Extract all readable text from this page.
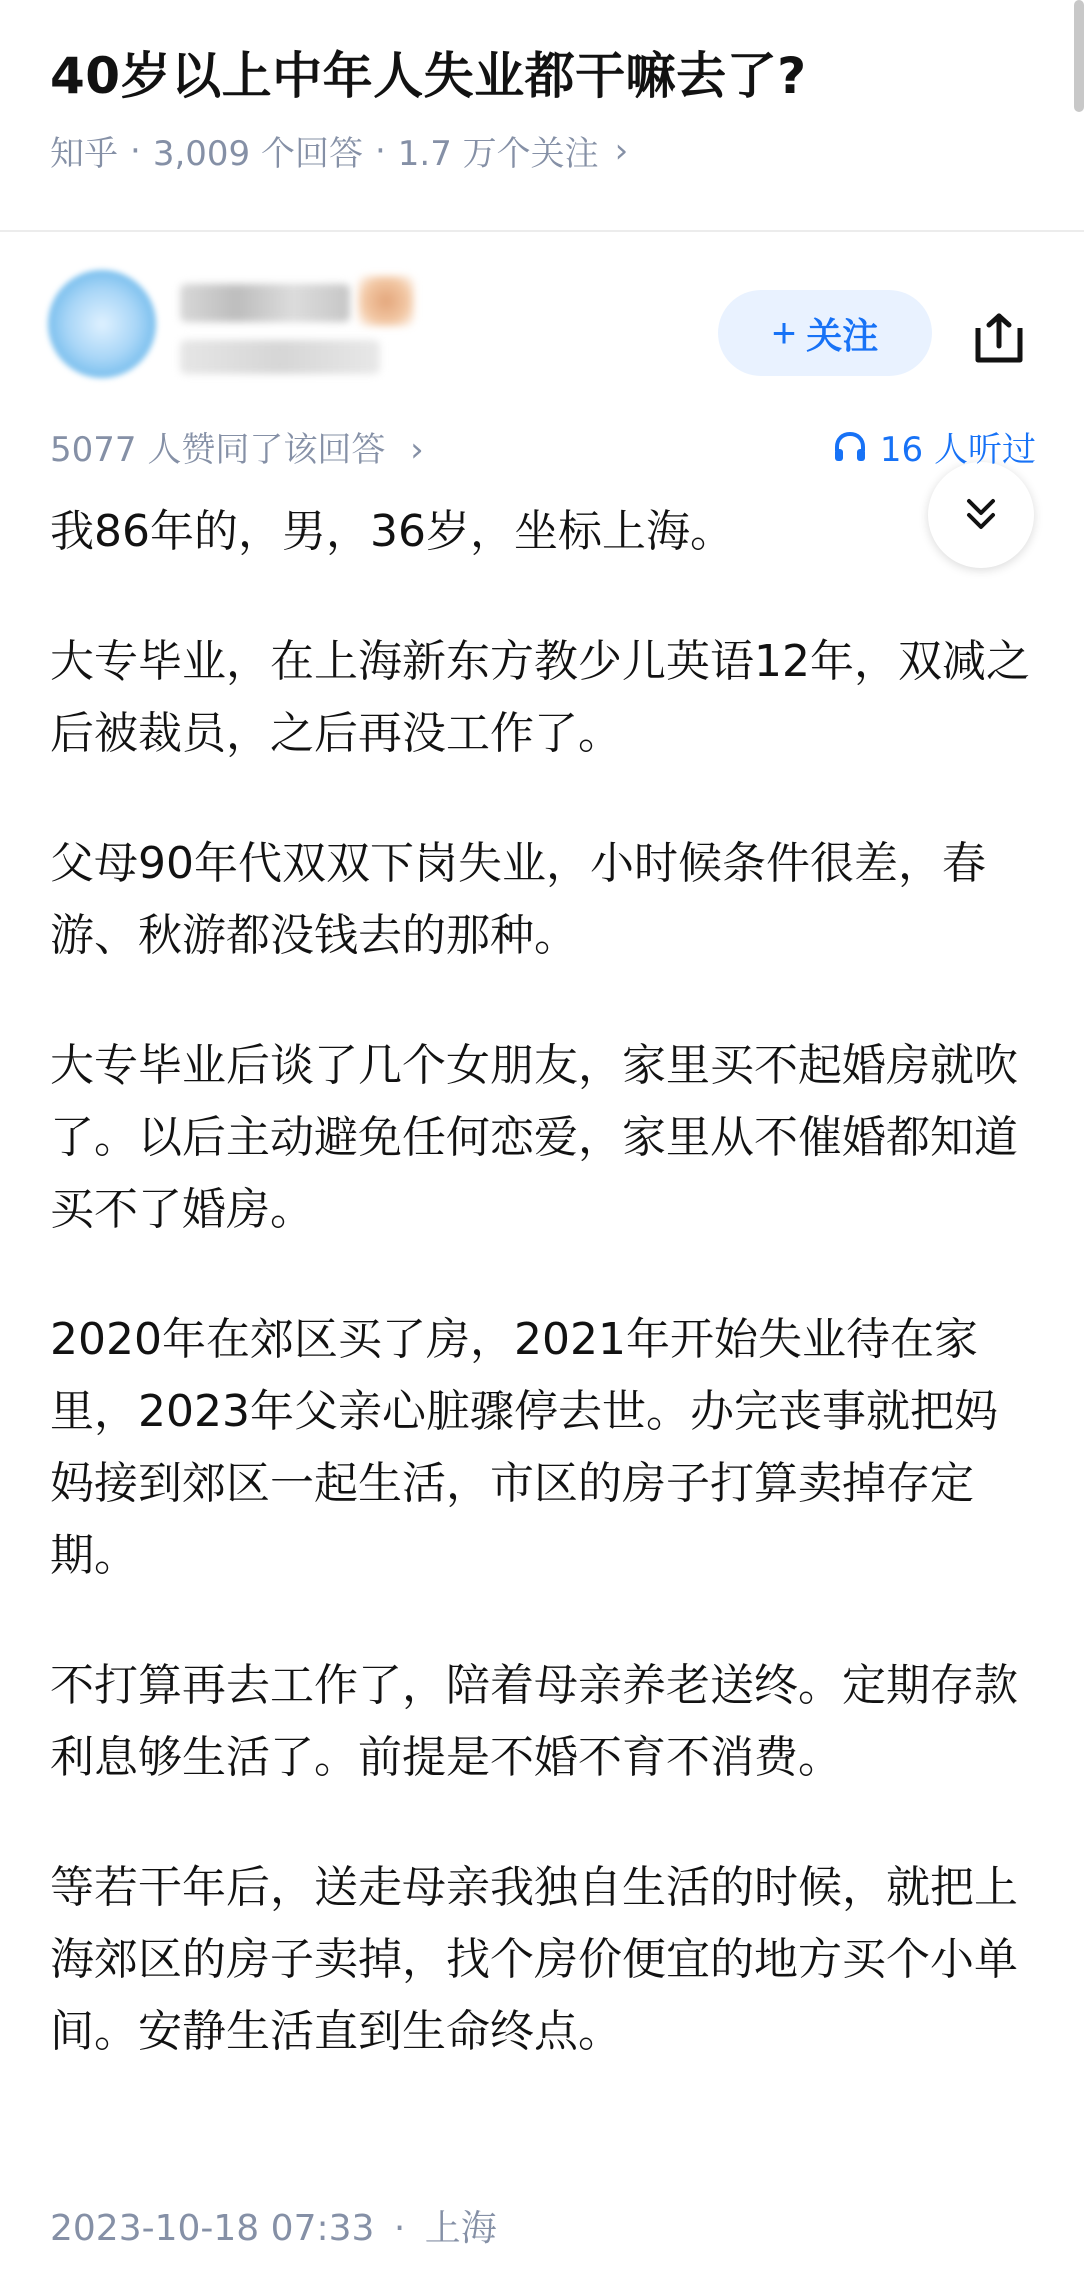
40岁以上中年人失业都干嘛去了?
知乎 · 3,009 个回答 · 1.7 万个关注 ›
+ 关注
5077 人赞同了该回答 ›	16 人听过

我86年的，男，36岁，坐标上海。

大专毕业，在上海新东方教少儿英语12年，双减之后被裁员，之后再没工作了。

父母90年代双双下岗失业，小时候条件很差，春游、秋游都没钱去的那种。

大专毕业后谈了几个女朋友，家里买不起婚房就吹了。以后主动避免任何恋爱，家里从不催婚都知道买不了婚房。

2020年在郊区买了房，2021年开始失业待在家里，2023年父亲心脏骤停去世。办完丧事就把妈妈接到郊区一起生活，市区的房子打算卖掉存定期。

不打算再去工作了，陪着母亲养老送终。定期存款利息够生活了。前提是不婚不育不消费。

等若干年后，送走母亲我独自生活的时候，就把上海郊区的房子卖掉，找个房价便宜的地方买个小单间。安静生活直到生命终点。

2023-10-18 07:33 · 上海
